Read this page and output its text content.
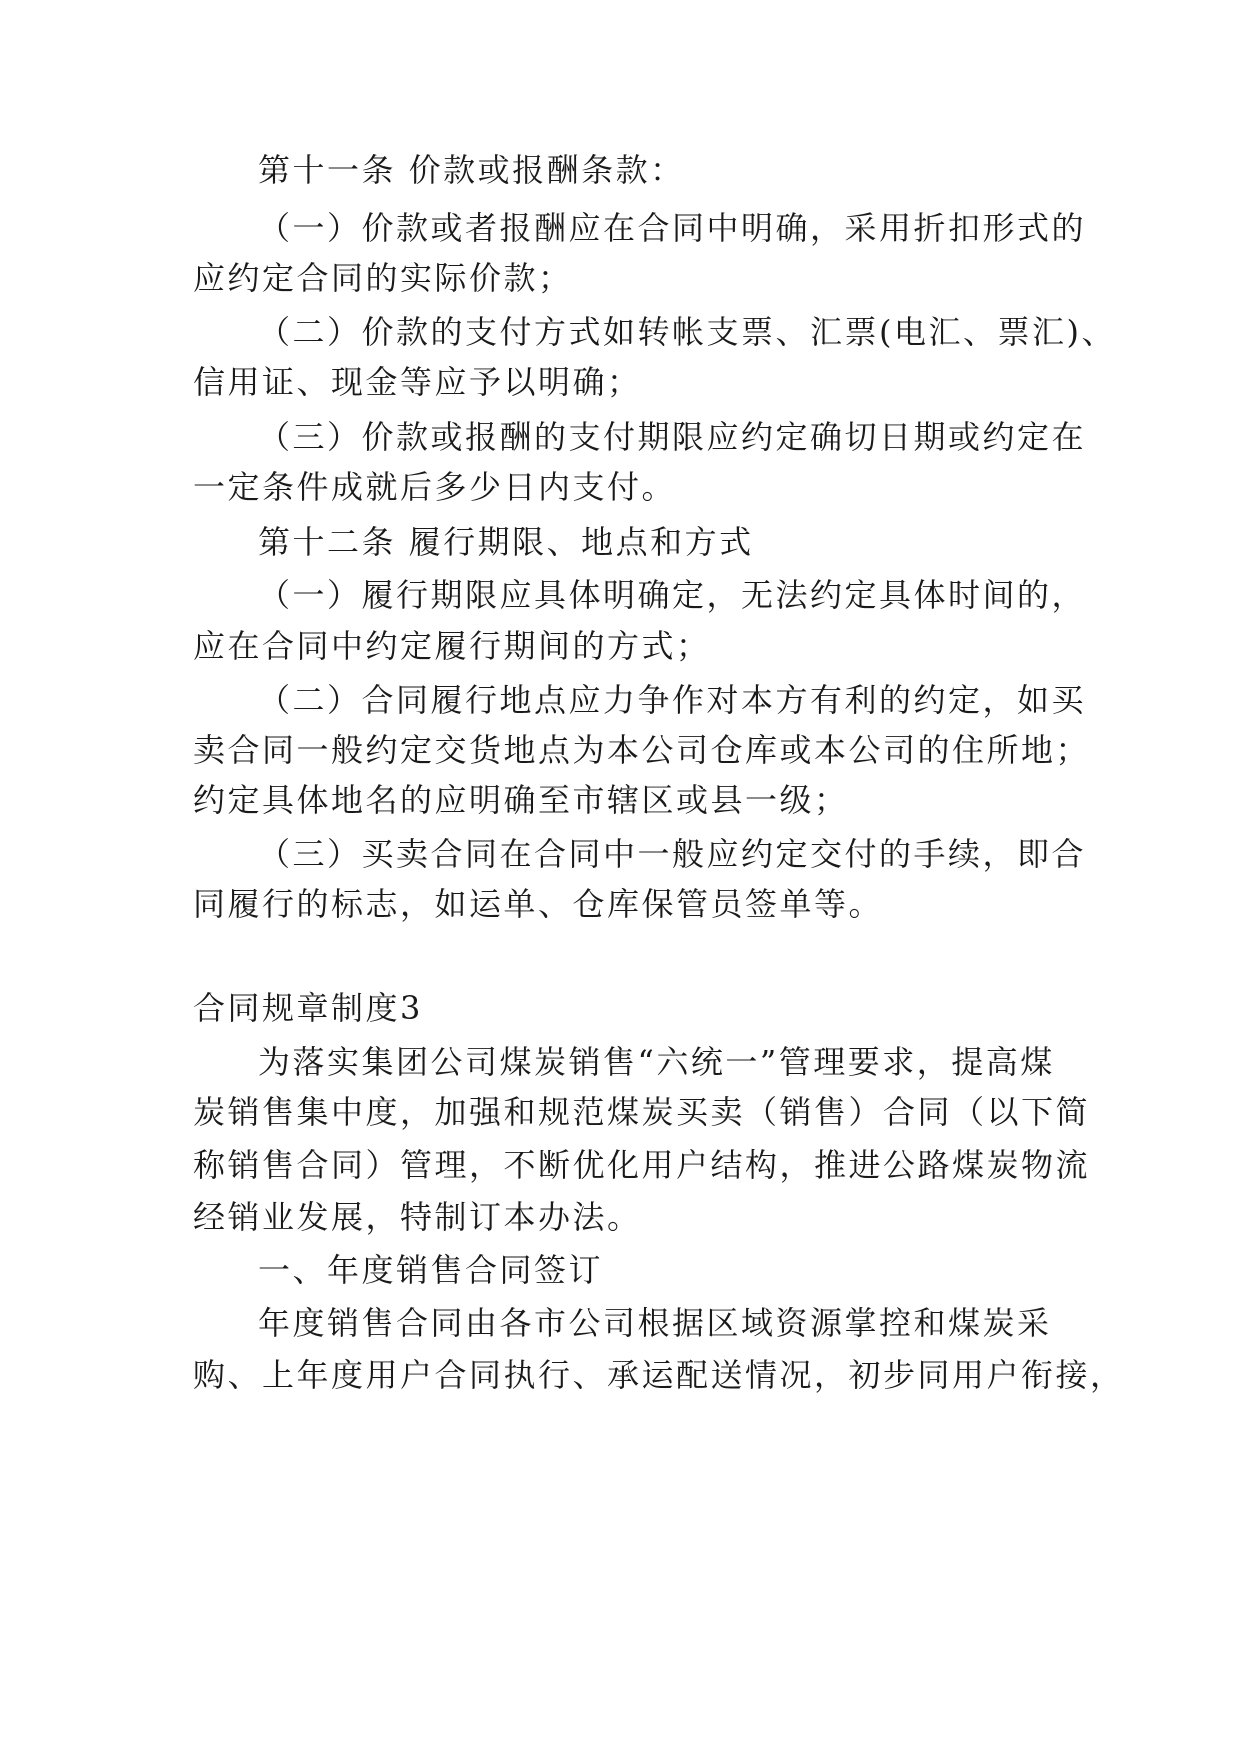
第十一条 价款或报酬条款：
（一）价款或者报酬应在合同中明确，采用折扣形式的
应约定合同的实际价款；
（二）价款的支付方式如转帐支票、汇票(电汇、票汇)、
信用证、现金等应予以明确；
（三）价款或报酬的支付期限应约定确切日期或约定在
一定条件成就后多少日内支付。
第十二条 履行期限、地点和方式
（一）履行期限应具体明确定，无法约定具体时间的，
应在合同中约定履行期间的方式；
（二）合同履行地点应力争作对本方有利的约定，如买
卖合同一般约定交货地点为本公司仓库或本公司的住所地；
约定具体地名的应明确至市辖区或县一级；
（三）买卖合同在合同中一般应约定交付的手续，即合
同履行的标志，如运单、仓库保管员签单等。
合同规章制度3
为落实集团公司煤炭销售“六统一”管理要求，提高煤
炭销售集中度，加强和规范煤炭买卖（销售）合同（以下简
称销售合同）管理，不断优化用户结构，推进公路煤炭物流
经销业发展，特制订本办法。
一、年度销售合同签订
年度销售合同由各市公司根据区域资源掌控和煤炭采
购、上年度用户合同执行、承运配送情况，初步同用户衔接，
